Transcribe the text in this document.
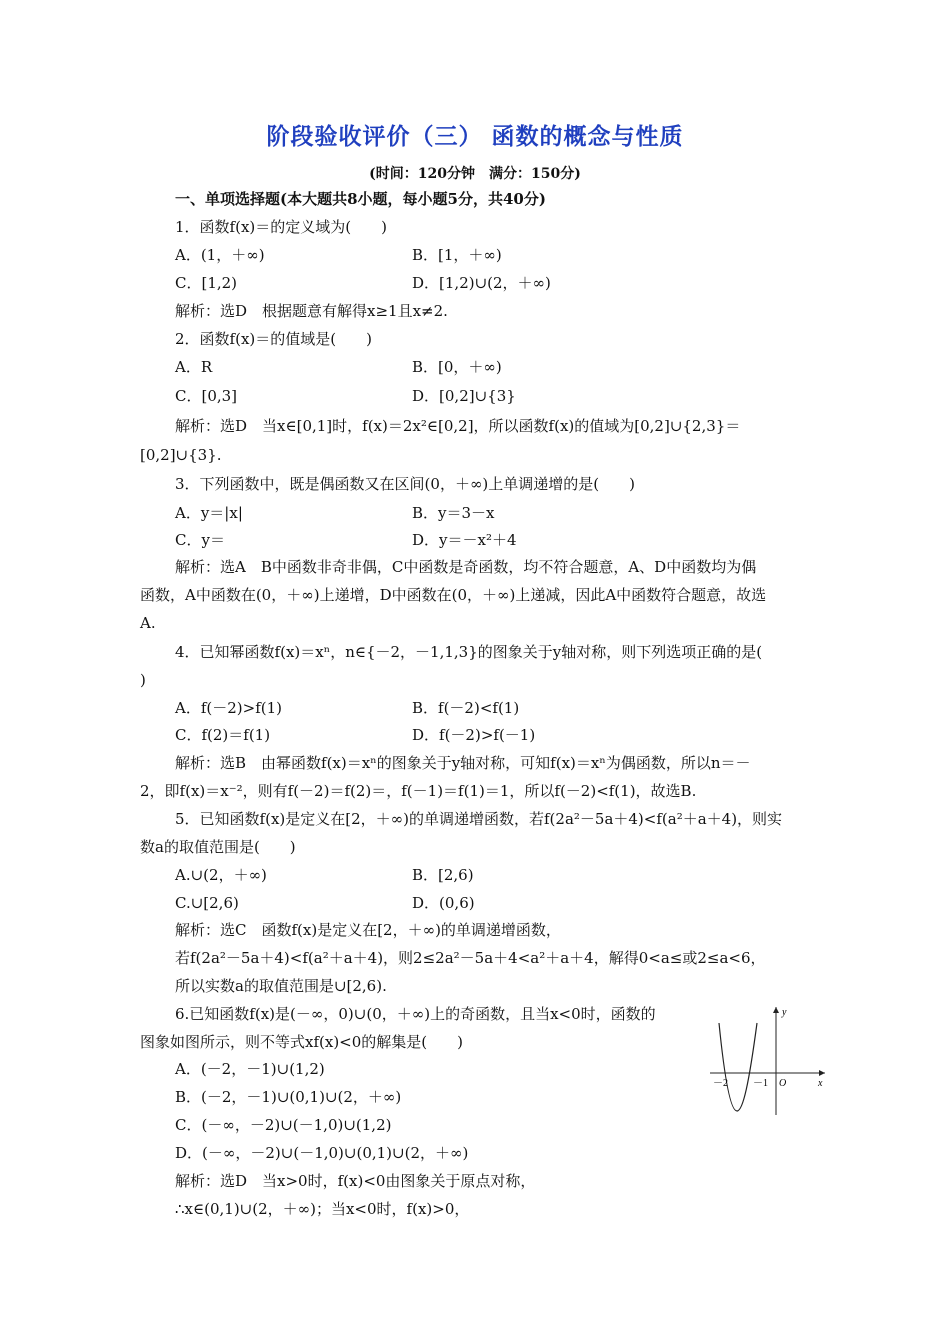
阶段验收评价（三） 函数的概念与性质
(时间：120分钟　满分：150分)
一、单项选择题(本大题共8小题，每小题5分，共40分)
1．函数f(x)＝的定义域为(　　)
A．(1，＋∞)	B．[1，＋∞)
C．[1,2)	D．[1,2)∪(2，＋∞)
解析：选D　根据题意有解得x≥1且x≠2.
2．函数f(x)＝的值域是(　　)
A．R	B．[0，＋∞)
C．[0,3]	D．[0,2]∪{3}
解析：选D　当x∈[0,1]时，f(x)＝2x²∈[0,2]，所以函数f(x)的值域为[0,2]∪{2,3}＝
[0,2]∪{3}.
3．下列函数中，既是偶函数又在区间(0，＋∞)上单调递增的是(　　)
A．y＝|x|	B．y＝3－x
C．y＝	D．y＝－x²＋4
解析：选A　B中函数非奇非偶，C中函数是奇函数，均不符合题意，A、D中函数均为偶
函数，A中函数在(0，＋∞)上递增，D中函数在(0，＋∞)上递减，因此A中函数符合题意，故选
A.
4．已知幂函数f(x)＝xⁿ，n∈{－2，－1,1,3}的图象关于y轴对称，则下列选项正确的是(
)
A．f(－2)>f(1)	B．f(－2)<f(1)
C．f(2)＝f(1)	D．f(－2)>f(－1)
解析：选B　由幂函数f(x)＝xⁿ的图象关于y轴对称，可知f(x)＝xⁿ为偶函数，所以n＝－
2，即f(x)＝x⁻²，则有f(－2)＝f(2)＝，f(－1)＝f(1)＝1，所以f(－2)<f(1)，故选B.
5．已知函数f(x)是定义在[2，＋∞)的单调递增函数，若f(2a²－5a＋4)<f(a²＋a＋4)，则实
数a的取值范围是(　　)
A.∪(2，＋∞)	B．[2,6)
C.∪[2,6)	D．(0,6)
解析：选C　函数f(x)是定义在[2，＋∞)的单调递增函数，
若f(2a²－5a＋4)<f(a²＋a＋4)，则2≤2a²－5a＋4<a²＋a＋4，解得0<a≤或2≤a<6，
所以实数a的取值范围是∪[2,6).
6.已知函数f(x)是(－∞，0)∪(0，＋∞)上的奇函数，且当x<0时，函数的
图象如图所示，则不等式xf(x)<0的解集是(　　)
A．(－2，－1)∪(1,2)
B．(－2，－1)∪(0,1)∪(2，＋∞)
C．(－∞，－2)∪(－1,0)∪(1,2)
D．(－∞，－2)∪(－1,0)∪(0,1)∪(2，＋∞)
解析：选D　当x>0时，f(x)<0由图象关于原点对称，
∴x∈(0,1)∪(2，＋∞)；当x<0时，f(x)>0，
y
x
O
－2	－1
